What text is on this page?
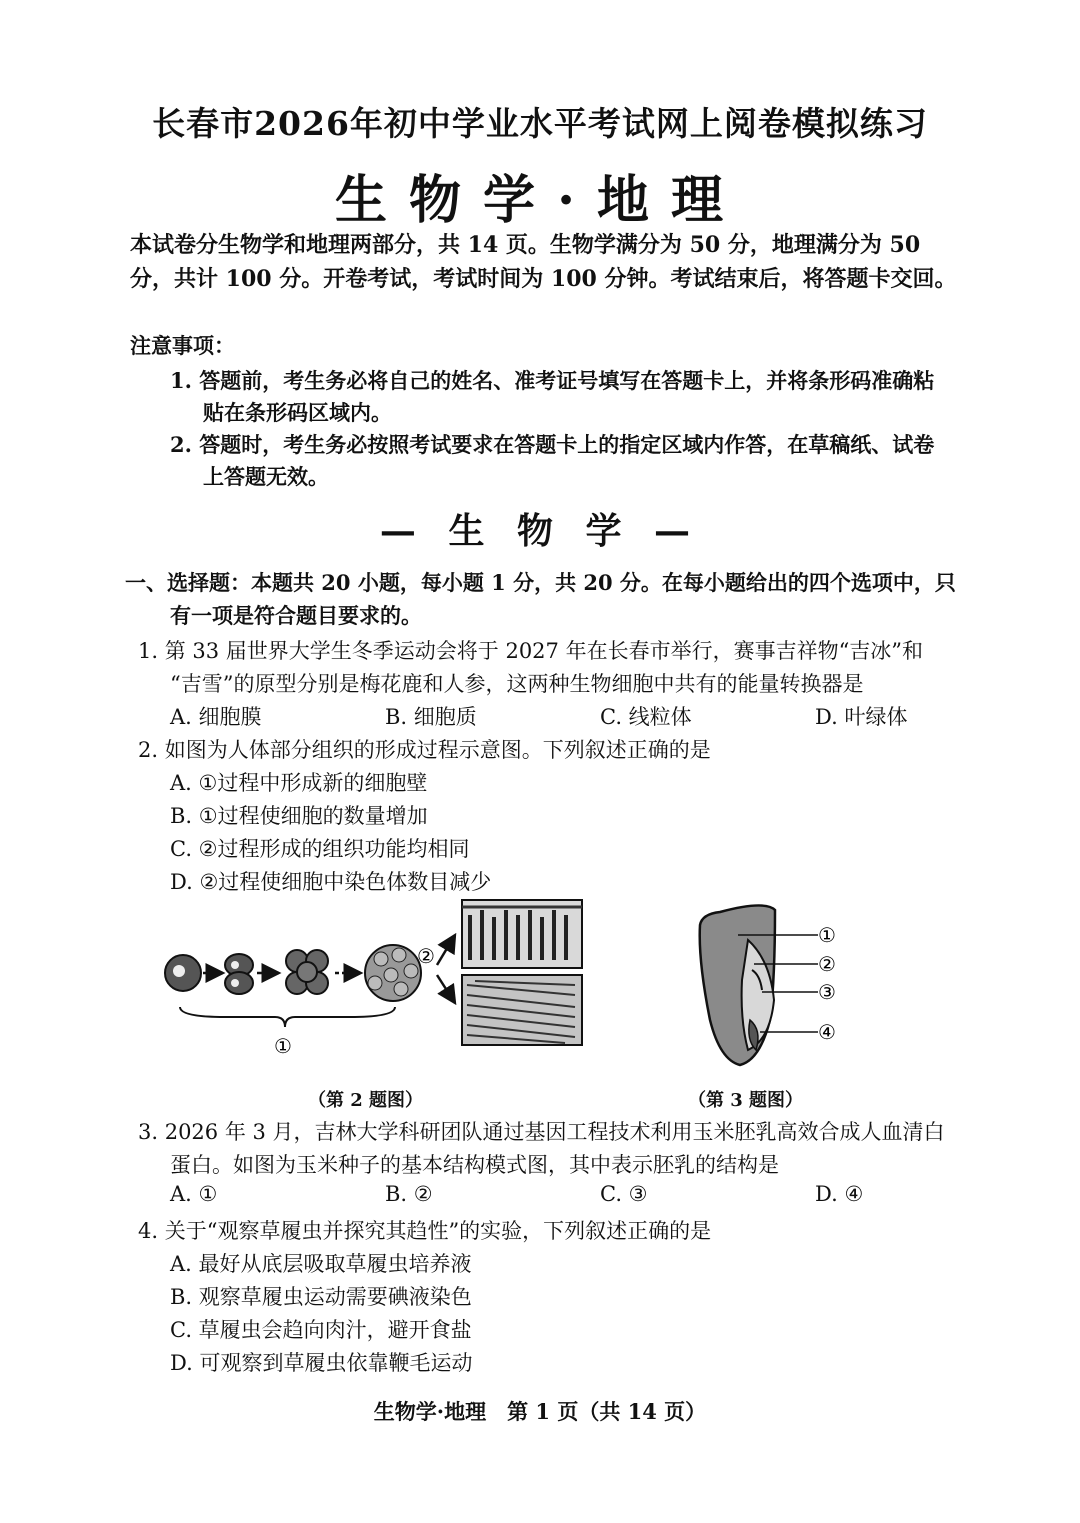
长春市2026年初中学业水平考试网上阅卷模拟练习
生物学·地理
本试卷分生物学和地理两部分，共 14 页。生物学满分为 50 分，地理满分为 50 分，共计 100 分。开卷考试，考试时间为 100 分钟。考试结束后，将答题卡交回。
注意事项：
1. 答题前，考生务必将自己的姓名、准考证号填写在答题卡上，并将条形码准确粘
贴在条形码区域内。
2. 答题时，考生务必按照考试要求在答题卡上的指定区域内作答，在草稿纸、试卷
上答题无效。
— 生 物 学 —
一、选择题：本题共 20 小题，每小题 1 分，共 20 分。在每小题给出的四个选项中，只
有一项是符合题目要求的。
1. 第 33 届世界大学生冬季运动会将于 2027 年在长春市举行，赛事吉祥物“吉冰”和
“吉雪”的原型分别是梅花鹿和人参，这两种生物细胞中共有的能量转换器是
A. 细胞膜	B. 细胞质	C. 线粒体	D. 叶绿体
2. 如图为人体部分组织的形成过程示意图。下列叙述正确的是
A. ①过程中形成新的细胞壁
B. ①过程使细胞的数量增加
C. ②过程形成的组织功能均相同
D. ②过程使细胞中染色体数目减少
②
①
①
②
③
④
（第 2 题图）	（第 3 题图）
3. 2026 年 3 月，吉林大学科研团队通过基因工程技术利用玉米胚乳高效合成人血清白
蛋白。如图为玉米种子的基本结构模式图，其中表示胚乳的结构是
A. ①	B. ②	C. ③	D. ④
4. 关于“观察草履虫并探究其趋性”的实验，下列叙述正确的是
A. 最好从底层吸取草履虫培养液
B. 观察草履虫运动需要碘液染色
C. 草履虫会趋向肉汁，避开食盐
D. 可观察到草履虫依靠鞭毛运动
生物学·地理　第 1 页（共 14 页）
